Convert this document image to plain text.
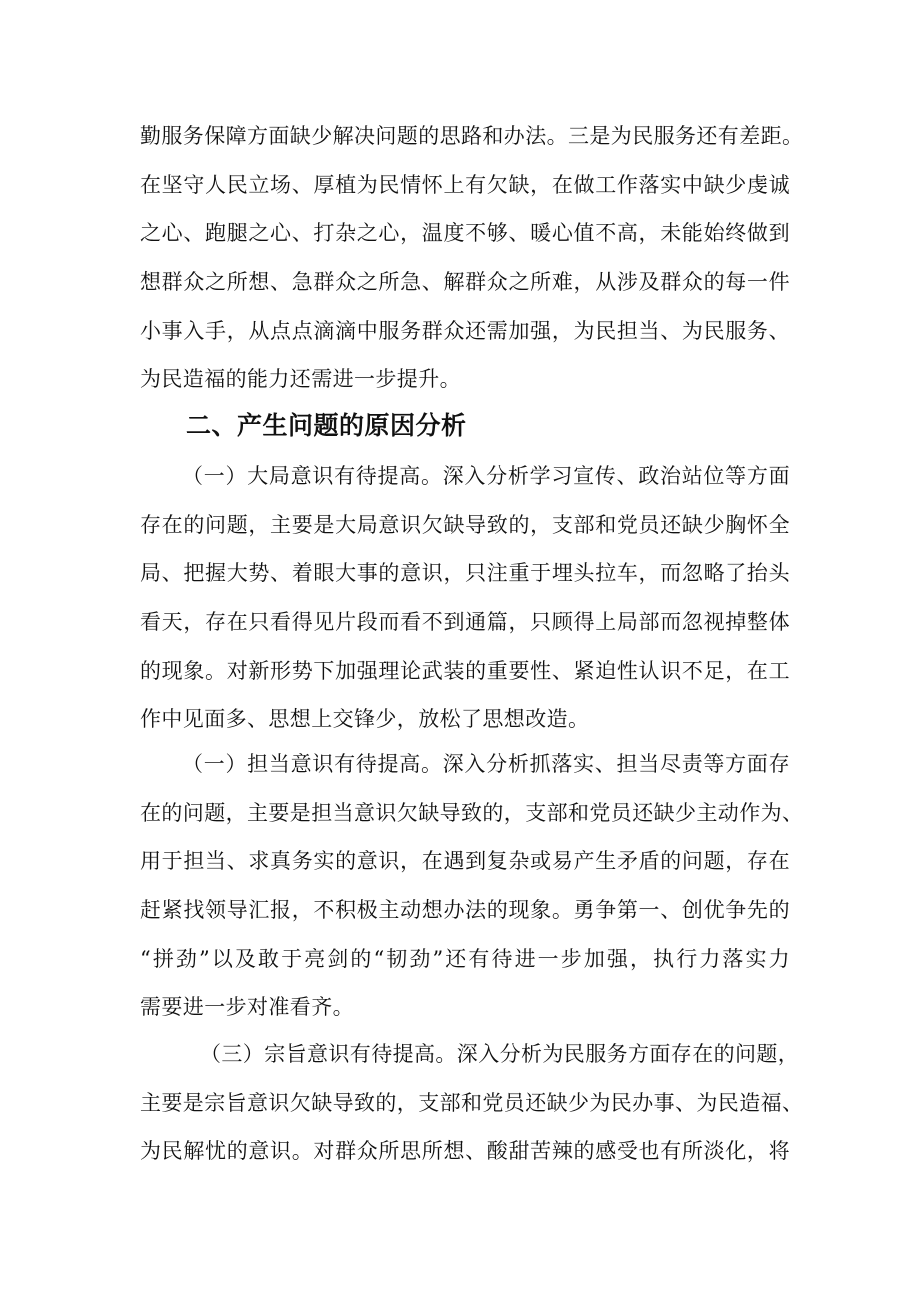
勤服务保障方面缺少解决问题的思路和办法。三是为民服务还有差距。
在坚守人民立场、厚植为民情怀上有欠缺，在做工作落实中缺少虔诚
之心、跑腿之心、打杂之心，温度不够、暖心值不高，未能始终做到
想群众之所想、急群众之所急、解群众之所难，从涉及群众的每一件
小事入手，从点点滴滴中服务群众还需加强，为民担当、为民服务、
为民造福的能力还需进一步提升。

二、产生问题的原因分析

（一）大局意识有待提高。深入分析学习宣传、政治站位等方面
存在的问题，主要是大局意识欠缺导致的，支部和党员还缺少胸怀全
局、把握大势、着眼大事的意识，只注重于埋头拉车，而忽略了抬头
看天，存在只看得见片段而看不到通篇，只顾得上局部而忽视掉整体
的现象。对新形势下加强理论武装的重要性、紧迫性认识不足，在工
作中见面多、思想上交锋少，放松了思想改造。

（一）担当意识有待提高。深入分析抓落实、担当尽责等方面存
在的问题，主要是担当意识欠缺导致的，支部和党员还缺少主动作为、
用于担当、求真务实的意识，在遇到复杂或易产生矛盾的问题，存在
赶紧找领导汇报，不积极主动想办法的现象。勇争第一、创优争先的
“拼劲”以及敢于亮剑的“韧劲”还有待进一步加强，执行力落实力
需要进一步对准看齐。

（三）宗旨意识有待提高。深入分析为民服务方面存在的问题，
主要是宗旨意识欠缺导致的，支部和党员还缺少为民办事、为民造福、
为民解忧的意识。对群众所思所想、酸甜苦辣的感受也有所淡化，将
